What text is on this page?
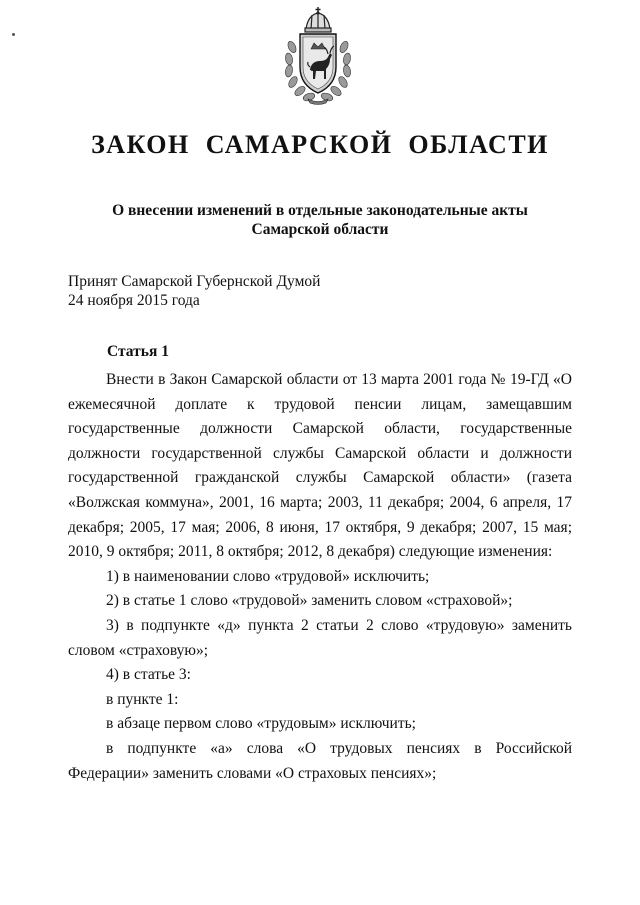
ЗАКОН САМАРСКОЙ ОБЛАСТИ
О внесении изменений в отдельные законодательные акты
Самарской области
Принят Самарской Губернской Думой
24 ноября 2015 года
Статья 1

Внести в Закон Самарской области от 13 марта 2001 года № 19-ГД «О ежемесячной доплате к трудовой пенсии лицам, замещавшим государственные должности Самарской области, государственные должности государственной службы Самарской области и должности государственной гражданской службы Самарской области» (газета «Волжская коммуна», 2001, 16 марта; 2003, 11 декабря; 2004, 6 апреля, 17 декабря; 2005, 17 мая; 2006, 8 июня, 17 октября, 9 декабря; 2007, 15 мая; 2010, 9 октября; 2011, 8 октября; 2012, 8 декабря) следующие изменения:

1) в наименовании слово «трудовой» исключить;

2) в статье 1 слово «трудовой» заменить словом «страховой»;

3) в подпункте «д» пункта 2 статьи 2 слово «трудовую» заменить словом «страховую»;

4) в статье 3:

в пункте 1:

в абзаце первом слово «трудовым» исключить;

в подпункте «а» слова «О трудовых пенсиях в Российской Федерации» заменить словами «О страховых пенсиях»;
